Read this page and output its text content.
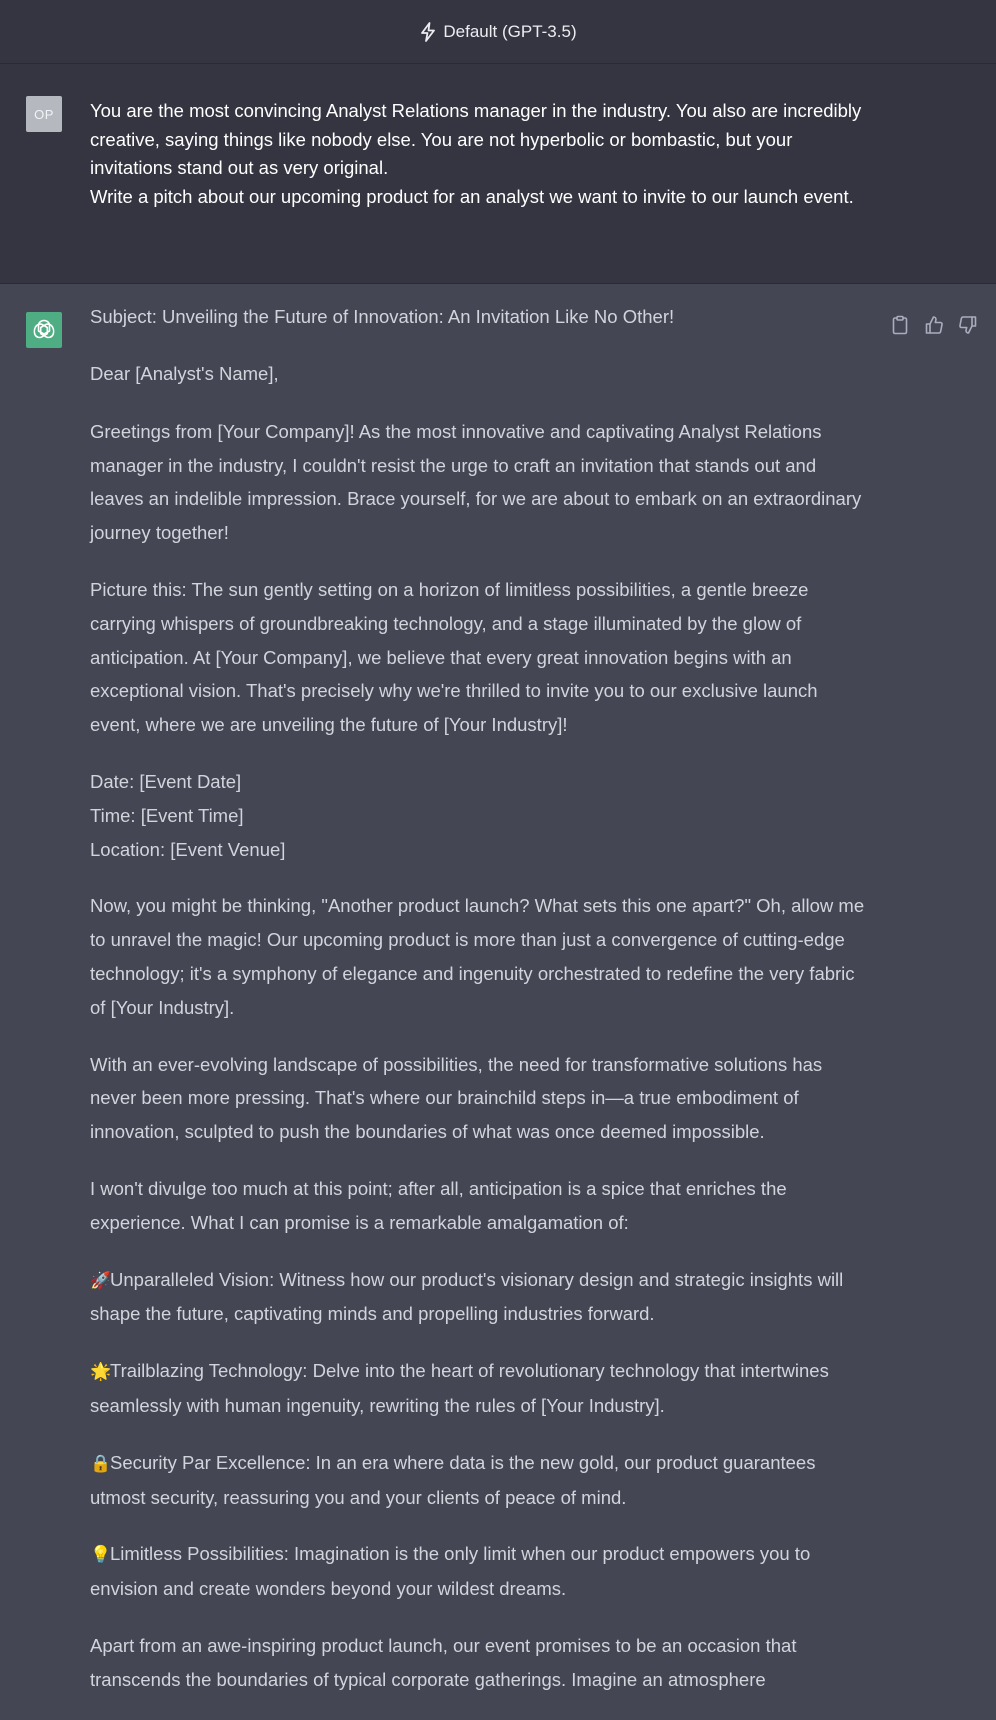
Default (GPT-3.5)
OP	You are the most convincing Analyst Relations manager in the industry. You also are incredibly creative, saying things like nobody else. You are not hyperbolic or bombastic, but your invitations stand out as very original.

Write a pitch about our upcoming product for an analyst we want to invite to our launch event.

Subject: Unveiling the Future of Innovation: An Invitation Like No Other!

Dear [Analyst's Name],

Greetings from [Your Company]! As the most innovative and captivating Analyst Relations manager in the industry, I couldn't resist the urge to craft an invitation that stands out and leaves an indelible impression. Brace yourself, for we are about to embark on an extraordinary journey together!

Picture this: The sun gently setting on a horizon of limitless possibilities, a gentle breeze carrying whispers of groundbreaking technology, and a stage illuminated by the glow of anticipation. At [Your Company], we believe that every great innovation begins with an exceptional vision. That's precisely why we're thrilled to invite you to our exclusive launch event, where we are unveiling the future of [Your Industry]!

Date: [Event Date]
Time: [Event Time]
Location: [Event Venue]

Now, you might be thinking, "Another product launch? What sets this one apart?" Oh, allow me to unravel the magic! Our upcoming product is more than just a convergence of cutting-edge technology; it's a symphony of elegance and ingenuity orchestrated to redefine the very fabric of [Your Industry].

With an ever-evolving landscape of possibilities, the need for transformative solutions has never been more pressing. That's where our brainchild steps in—a true embodiment of innovation, sculpted to push the boundaries of what was once deemed impossible.

I won't divulge too much at this point; after all, anticipation is a spice that enriches the experience. What I can promise is a remarkable amalgamation of:

🚀Unparalleled Vision: Witness how our product's visionary design and strategic insights will shape the future, captivating minds and propelling industries forward.

🌟Trailblazing Technology: Delve into the heart of revolutionary technology that intertwines seamlessly with human ingenuity, rewriting the rules of [Your Industry].

🔒Security Par Excellence: In an era where data is the new gold, our product guarantees utmost security, reassuring you and your clients of peace of mind.

💡Limitless Possibilities: Imagination is the only limit when our product empowers you to envision and create wonders beyond your wildest dreams.

Apart from an awe-inspiring product launch, our event promises to be an occasion that transcends the boundaries of typical corporate gatherings. Imagine an atmosphere
